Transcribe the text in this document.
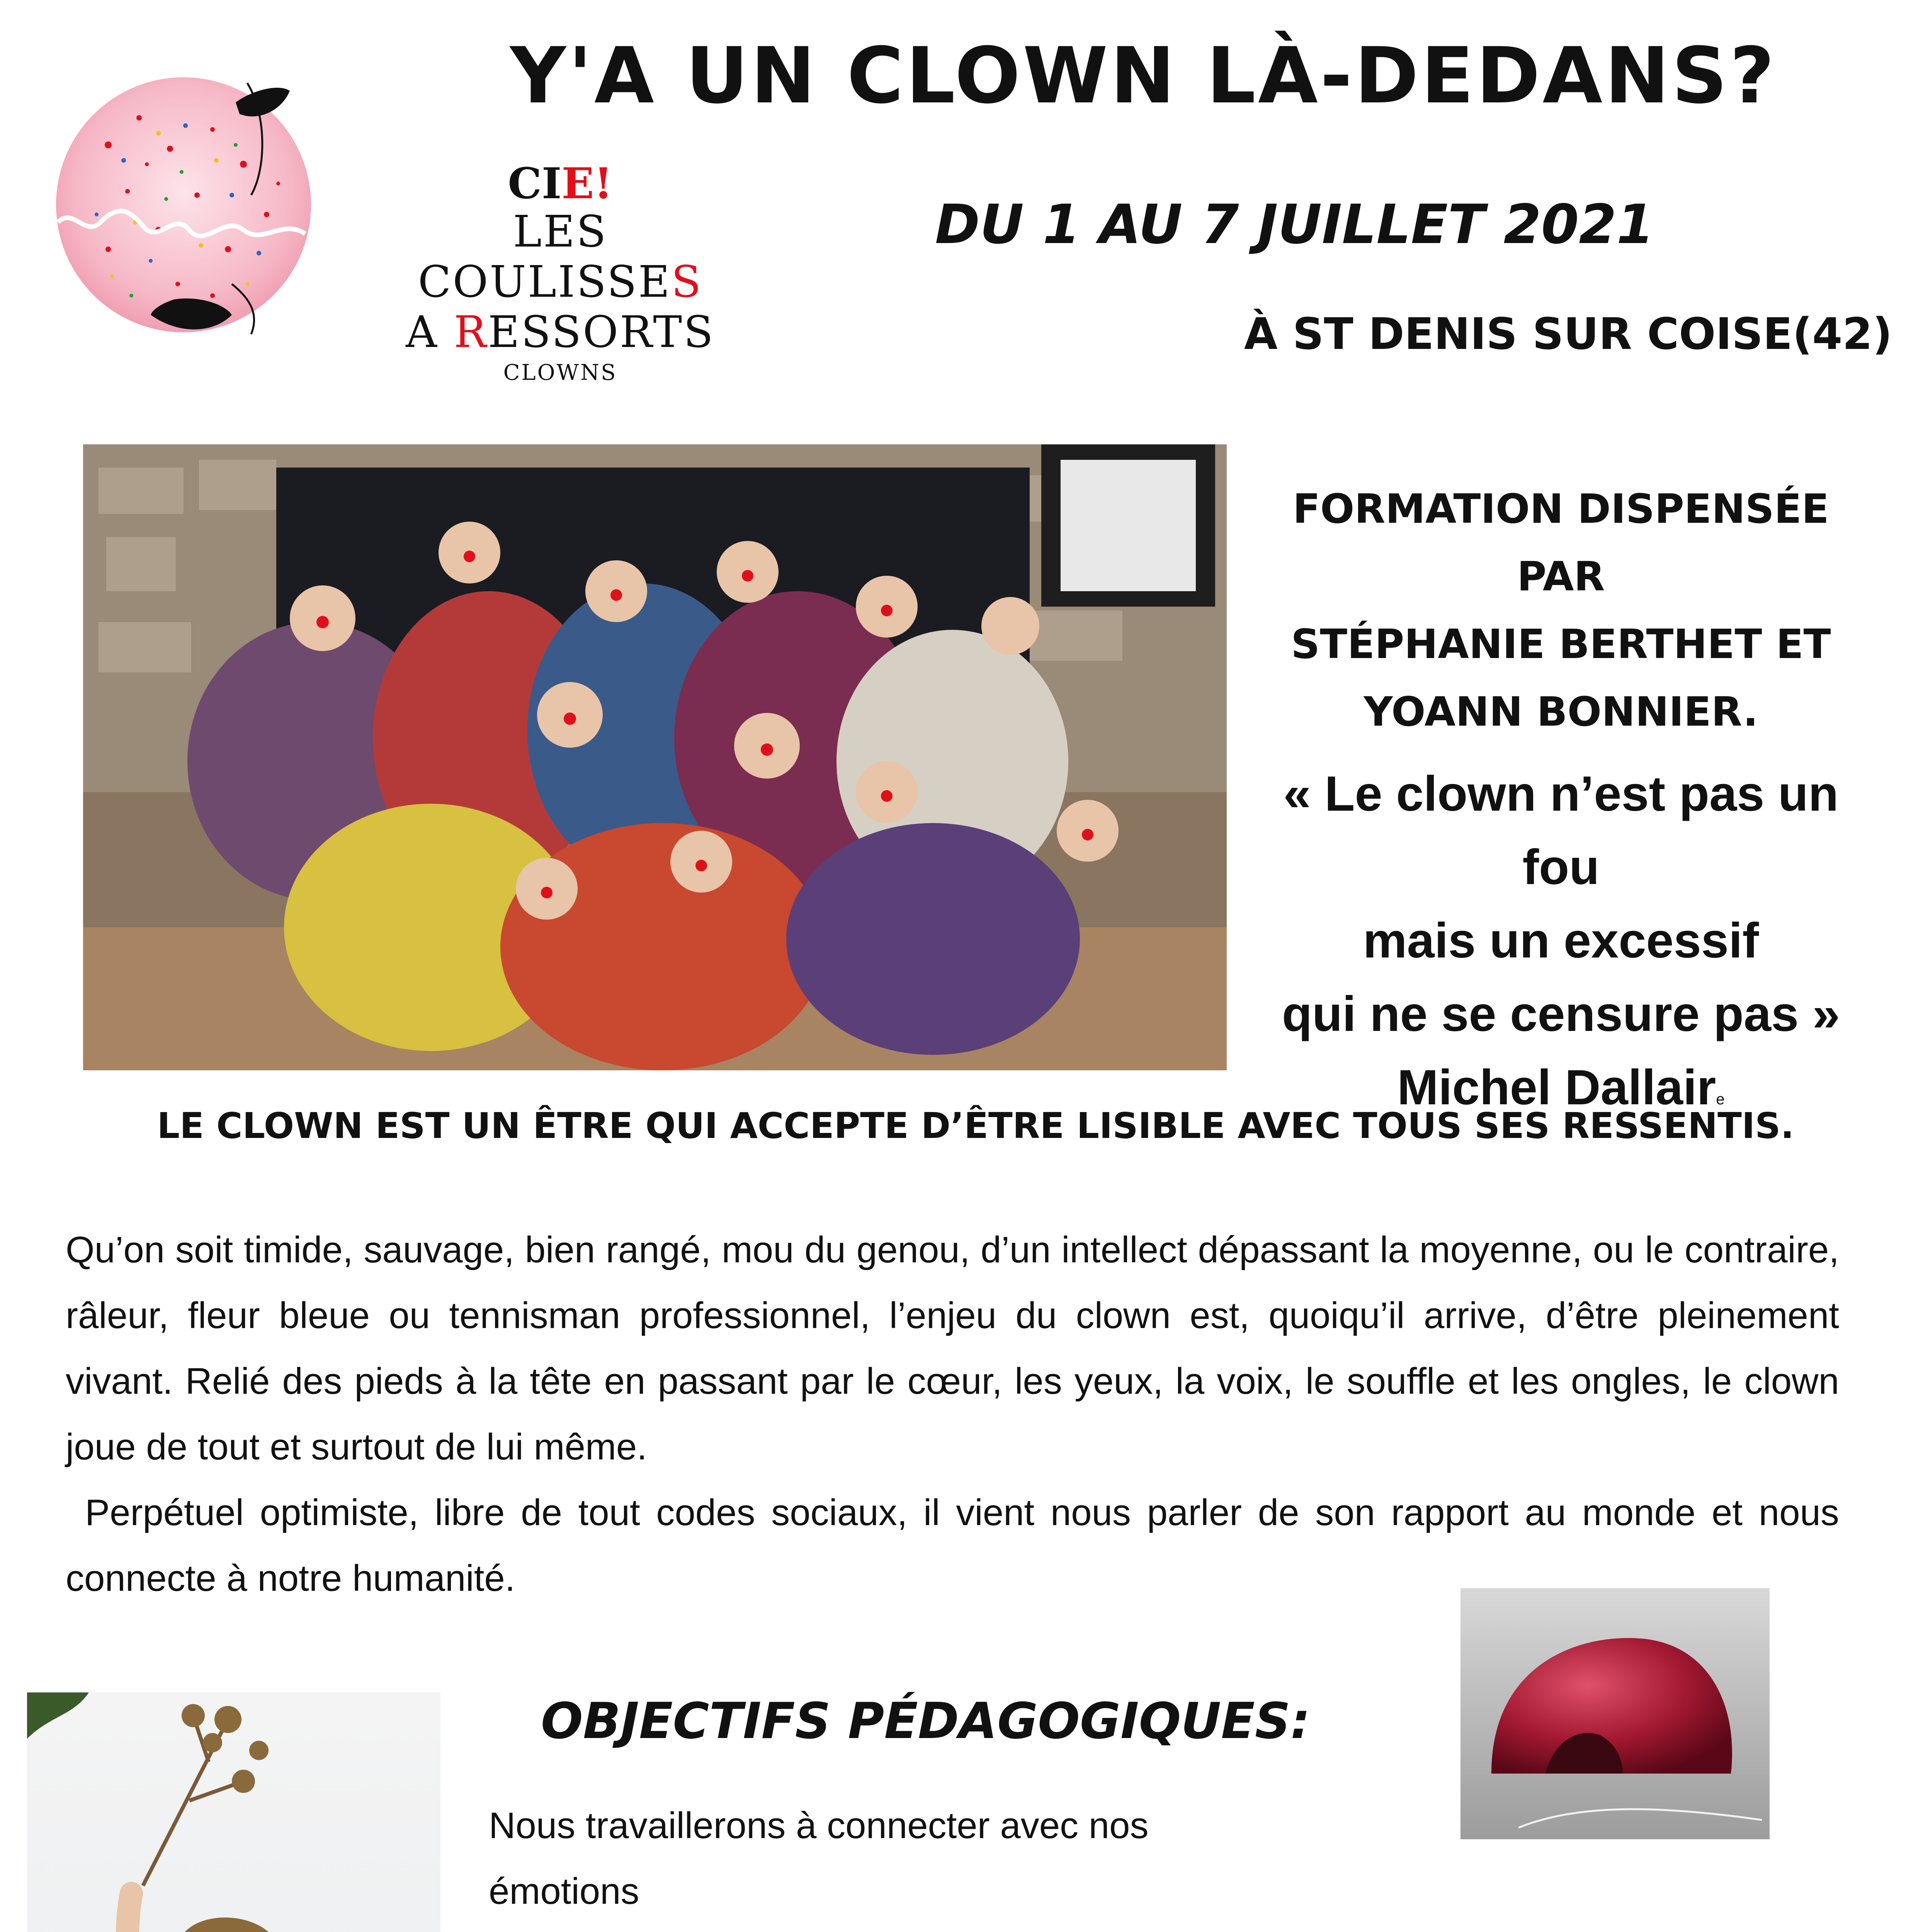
Y'A UN CLOWN LÀ-DEDANS?
DU 1 AU 7 JUILLET 2021
À ST DENIS SUR COISE(42)
CIE!
LES COULISSES
A RESSORTS
CLOWNS
FORMATION DISPENSÉE PAR
STÉPHANIE BERTHET ET
YOANN BONNIER.
« Le clown n’est pas un fou
mais un excessif
qui ne se censure pas »
Michel Dallaire
LE CLOWN EST UN ÊTRE QUI ACCEPTE D’ÊTRE LISIBLE AVEC TOUS SES RESSENTIS.

Qu’on soit timide, sauvage, bien rangé, mou du genou, d’un intellect dépassant la moyenne, ou le contraire, râleur, fleur bleue ou tennisman professionnel, l’enjeu du clown est, quoiqu’il arrive, d’être pleinement vivant. Relié des pieds à la tête en passant par le cœur, les yeux, la voix, le souffle et les ongles, le clown joue de tout et surtout de lui même.

Perpétuel optimiste, libre de tout codes sociaux, il vient nous parler de son rapport au monde et nous connecte à notre humanité.

OBJECTIFS PÉDAGOGIQUES:

Nous travaillerons à connecter avec nos émotions
